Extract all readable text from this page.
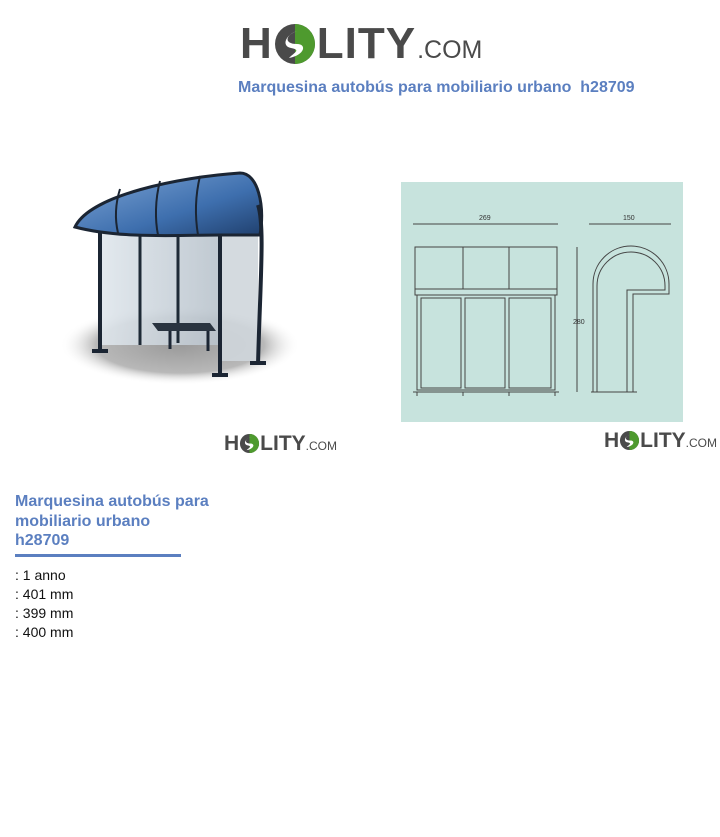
H LITY .COM
Marquesina autobús para mobiliario urbano  h28709
269	150
280
H LITY .COM	H LITY .COM
Marquesina autobús para
mobiliario urbano
h28709
: 1 anno
: 401 mm
: 399 mm
: 400 mm
